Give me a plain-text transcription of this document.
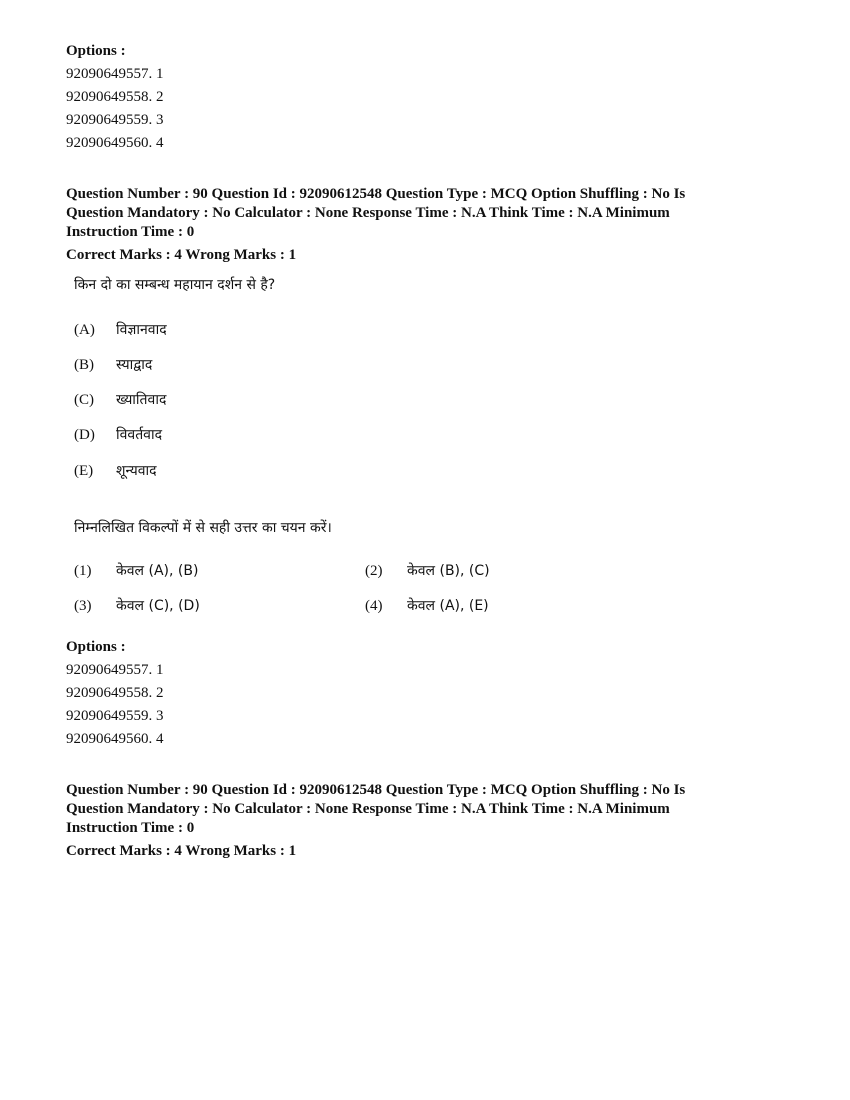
Options :
92090649557. 1
92090649558. 2
92090649559. 3
92090649560. 4
Question Number : 90 Question Id : 92090612548 Question Type : MCQ Option Shuffling : No Is
Question Mandatory : No Calculator : None Response Time : N.A Think Time : N.A Minimum
Instruction Time : 0
Correct Marks : 4 Wrong Marks : 1
किन दो का सम्बन्ध महायान दर्शन से है?
(A) विज्ञानवाद
(B) स्याद्वाद
(C) ख्यातिवाद
(D) विवर्तवाद
(E) शून्यवाद
निम्नलिखित विकल्पों में से सही उत्तर का चयन करें।
(1) केवल (A), (B)	(2) केवल (B), (C)
(3) केवल (C), (D)	(4) केवल (A), (E)
Options :
92090649557. 1
92090649558. 2
92090649559. 3
92090649560. 4
Question Number : 90 Question Id : 92090612548 Question Type : MCQ Option Shuffling : No Is
Question Mandatory : No Calculator : None Response Time : N.A Think Time : N.A Minimum
Instruction Time : 0
Correct Marks : 4 Wrong Marks : 1
